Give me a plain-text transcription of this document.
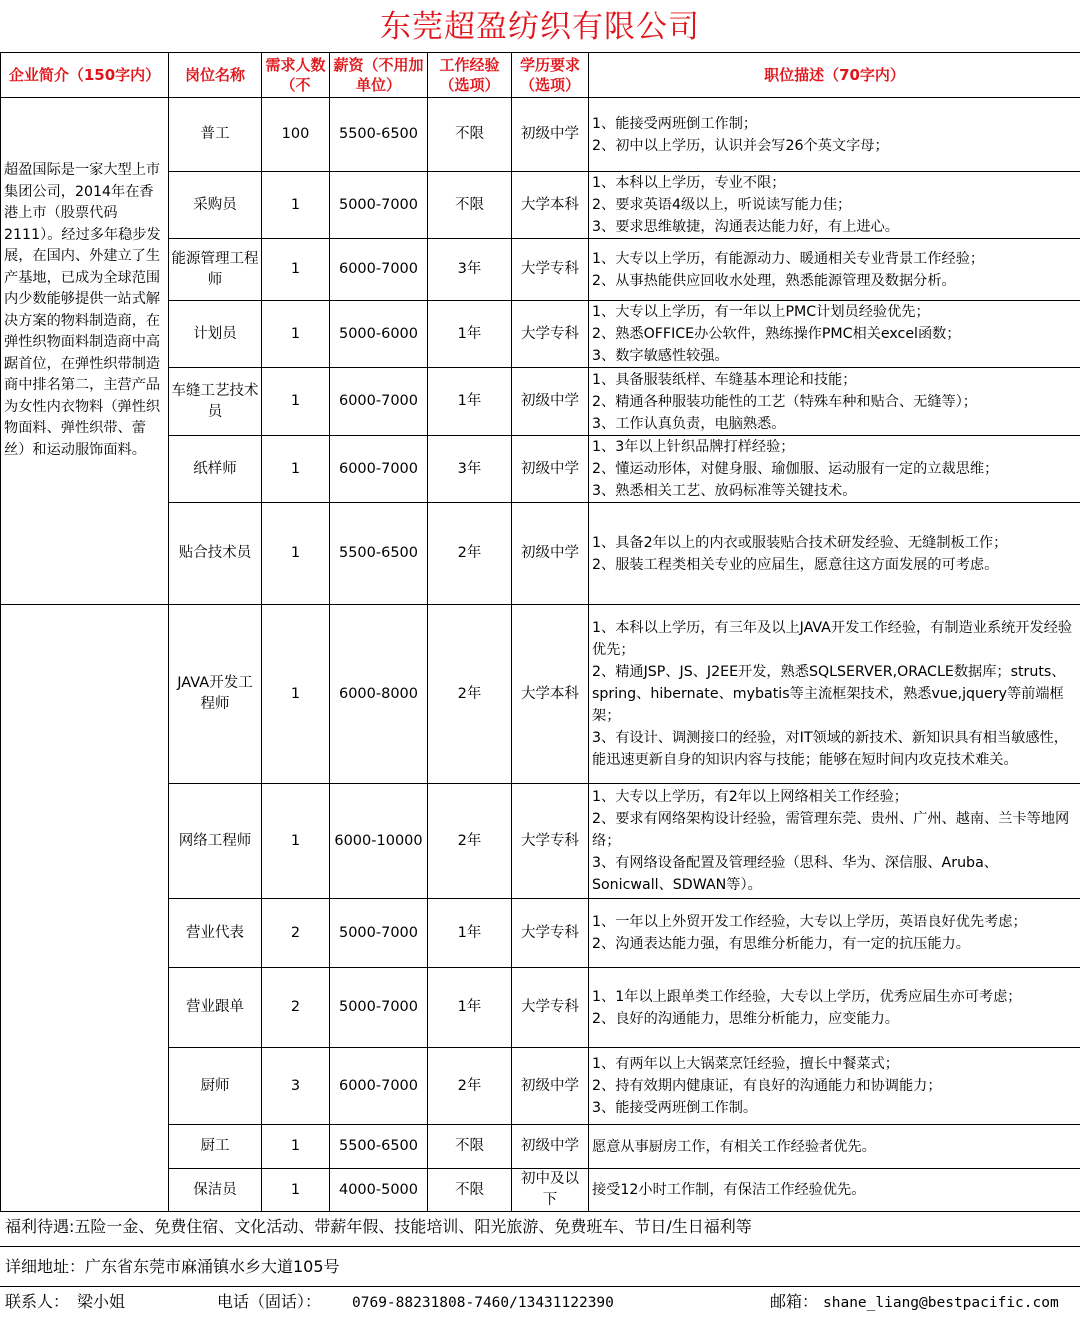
东莞超盈纺织有限公司
企业简介（150字内）	岗位名称	需求人数（不	薪资（不用加单位）	工作经验（选项）	学历要求（选项）	职位描述（70字内）
超盈国际是一家大型上市集团公司，2014年在香港上市（股票代码2111）。经过多年稳步发展，在国内、外建立了生产基地，已成为全球范围内少数能够提供一站式解决方案的物料制造商，在弹性织物面料制造商中高踞首位，在弹性织带制造商中排名第二，主营产品为女性内衣物料（弹性织物面料、弹性织带、蕾丝）和运动服饰面料。	普工	100	5500-6500	不限	初级中学	1、能接受两班倒工作制；
2、初中以上学历，认识并会写26个英文字母；

	采购员	1	5000-7000	不限	大学本科	1、本科以上学历，专业不限；
2、要求英语4级以上，听说读写能力佳；
3、要求思维敏捷，沟通表达能力好，有上进心。

	能源管理工程师	1	6000-7000	3年	大学专科	1、大专以上学历，有能源动力、暖通相关专业背景工作经验；
2、从事热能供应回收水处理，熟悉能源管理及数据分析。

	计划员	1	5000-6000	1年	大学专科	1、大专以上学历，有一年以上PMC计划员经验优先；
2、熟悉OFFICE办公软件，熟练操作PMC相关excel函数；
3、数字敏感性较强。

	车缝工艺技术员	1	6000-7000	1年	初级中学	1、具备服装纸样、车缝基本理论和技能；
2、精通各种服装功能性的工艺（特殊车种和贴合、无缝等）；
3、工作认真负责，电脑熟悉。

	纸样师	1	6000-7000	3年	初级中学	1、3年以上针织品牌打样经验；
2、懂运动形体，对健身服、瑜伽服、运动服有一定的立裁思维；
3、熟悉相关工艺、放码标准等关键技术。

	贴合技术员	1	5500-6500	2年	初级中学	1、具备2年以上的内衣或服装贴合技术研发经验、无缝制板工作；
2、服装工程类相关专业的应届生，愿意往这方面发展的可考虑。

	JAVA开发工程师	1	6000-8000	2年	大学本科	1、本科以上学历，有三年及以上JAVA开发工作经验，有制造业系统开发经验优先；
2、精通JSP、JS、J2EE开发，熟悉SQLSERVER,ORACLE数据库；struts、spring、hibernate、mybatis等主流框架技术，熟悉vue,jquery等前端框架；
3、有设计、调测接口的经验，对IT领域的新技术、新知识具有相当敏感性，能迅速更新自身的知识内容与技能；能够在短时间内攻克技术难关。

	网络工程师	1	6000-10000	2年	大学专科	1、大专以上学历，有2年以上网络相关工作经验；
2、要求有网络架构设计经验，需管理东莞、贵州、广州、越南、兰卡等地网络；
3、有网络设备配置及管理经验（思科、华为、深信服、Aruba、Sonicwall、SDWAN等）。

	营业代表	2	5000-7000	1年	大学专科	1、一年以上外贸开发工作经验，大专以上学历，英语良好优先考虑；
2、沟通表达能力强，有思维分析能力，有一定的抗压能力。

	营业跟单	2	5000-7000	1年	大学专科	1、1年以上跟单类工作经验，大专以上学历，优秀应届生亦可考虑；
2、良好的沟通能力，思维分析能力，应变能力。

	厨师	3	6000-7000	2年	初级中学	1、有两年以上大锅菜烹饪经验，擅长中餐菜式；
2、持有效期内健康证，有良好的沟通能力和协调能力；
3、能接受两班倒工作制。

	厨工	1	5500-6500	不限	初级中学	愿意从事厨房工作，有相关工作经验者优先。

	保洁员	1	4000-5000	不限	初中及以下	接受12小时工作制，有保洁工作经验优先。
福利待遇:五险一金、免费住宿、文化活动、带薪年假、技能培训、阳光旅游、免费班车、节日/生日福利等
详细地址：广东省东莞市麻涌镇水乡大道105号
联系人： 梁小姐	电话（固话）： 0769-88231808-7460/13431122390	邮箱： shane_liang@bestpacific.com
